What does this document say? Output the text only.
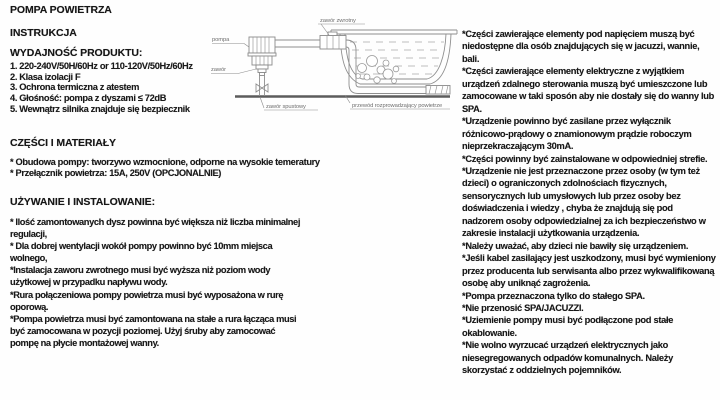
POMPA POWIETRZA
INSTRUKCJA
WYDAJNOŚĆ PRODUKTU:
1. 220-240V/50H/60Hz or 110-120V/50Hz/60Hz
2. Klasa izolacji F
3. Ochrona termiczna z atestem
4. Głośność: pompa z dyszami ≤ 72dB
5. Wewnątrz silnika znajduje się bezpiecznik
CZĘŚCI I MATERIAŁY
* Obudowa pompy: tworzywo wzmocnione, odporne na wysokie temeratury
* Przełącznik powietrza: 15A, 250V (OPCJONALNIE)
UŻYWANIE I INSTALOWANIE:

* Ilość zamontowanych dysz powinna być większa niż liczba minimalnej regulacji,

* Dla dobrej wentylacji wokół pompy powinno być 10mm miejsca wolnego,

*Instalacja zaworu zwrotnego musi być wyższa niż poziom wody użytkowej w przypadku napływu wody.

*Rura połączeniowa pompy powietrza musi być wyposażona w rurę oporową.

*Pompa powietrza musi być zamontowana na stałe a rura łącząca musi być zamocowana w pozycji poziomej. Użyj śruby aby zamocować pompę na płycie montażowej wanny.

zawór zwrotny
pompa
zawór
zawór spustowy	przewód rozprowadzający powietrze

*Części zawierające elementy pod napięciem muszą być niedostępne dla osób znajdujących się w jacuzzi, wannie, bali.

*Części zawierające elementy elektryczne z wyjątkiem urządzeń zdalnego sterowania muszą być umieszczone lub zamocowane w taki sposón aby nie dostały się do wanny lub SPA.

*Urządzenie powinno być zasilane przez wyłącznik różnicowo-prądowy o znamionowym prądzie roboczym nieprzekraczającym 30mA.

*Części powinny być zainstalowane w odpowiedniej strefie.

*Urządzenie nie jest przeznaczone przez osoby (w tym też dzieci) o ograniczonych zdolnościach fizycznych, sensorycznych lub umysłowych lub przez osoby bez doświadczenia i wiedzy , chyba że znajdują się pod nadzorem osoby odpowiedzialnej za ich bezpieczeństwo w zakresie instalacji użytkowania urządzenia.

*Należy uważać, aby dzieci nie bawiły się urządzeniem.

*Jeśli kabel zasilający jest uszkodzony, musi być wymieniony przez producenta lub serwisanta albo przez wykwalifikowaną osobę aby uniknąć zagrożenia.

*Pompa przeznaczona tylko do stałego SPA.

*Nie przenosić SPA/JACUZZI.

*Uziemienie pompy musi być podłączone pod stałe okablowanie.

*Nie wolno wyrzucać urządzeń elektrycznych jako niesegregowanych odpadów komunalnych. Należy skorzystać z oddzielnych pojemników.
